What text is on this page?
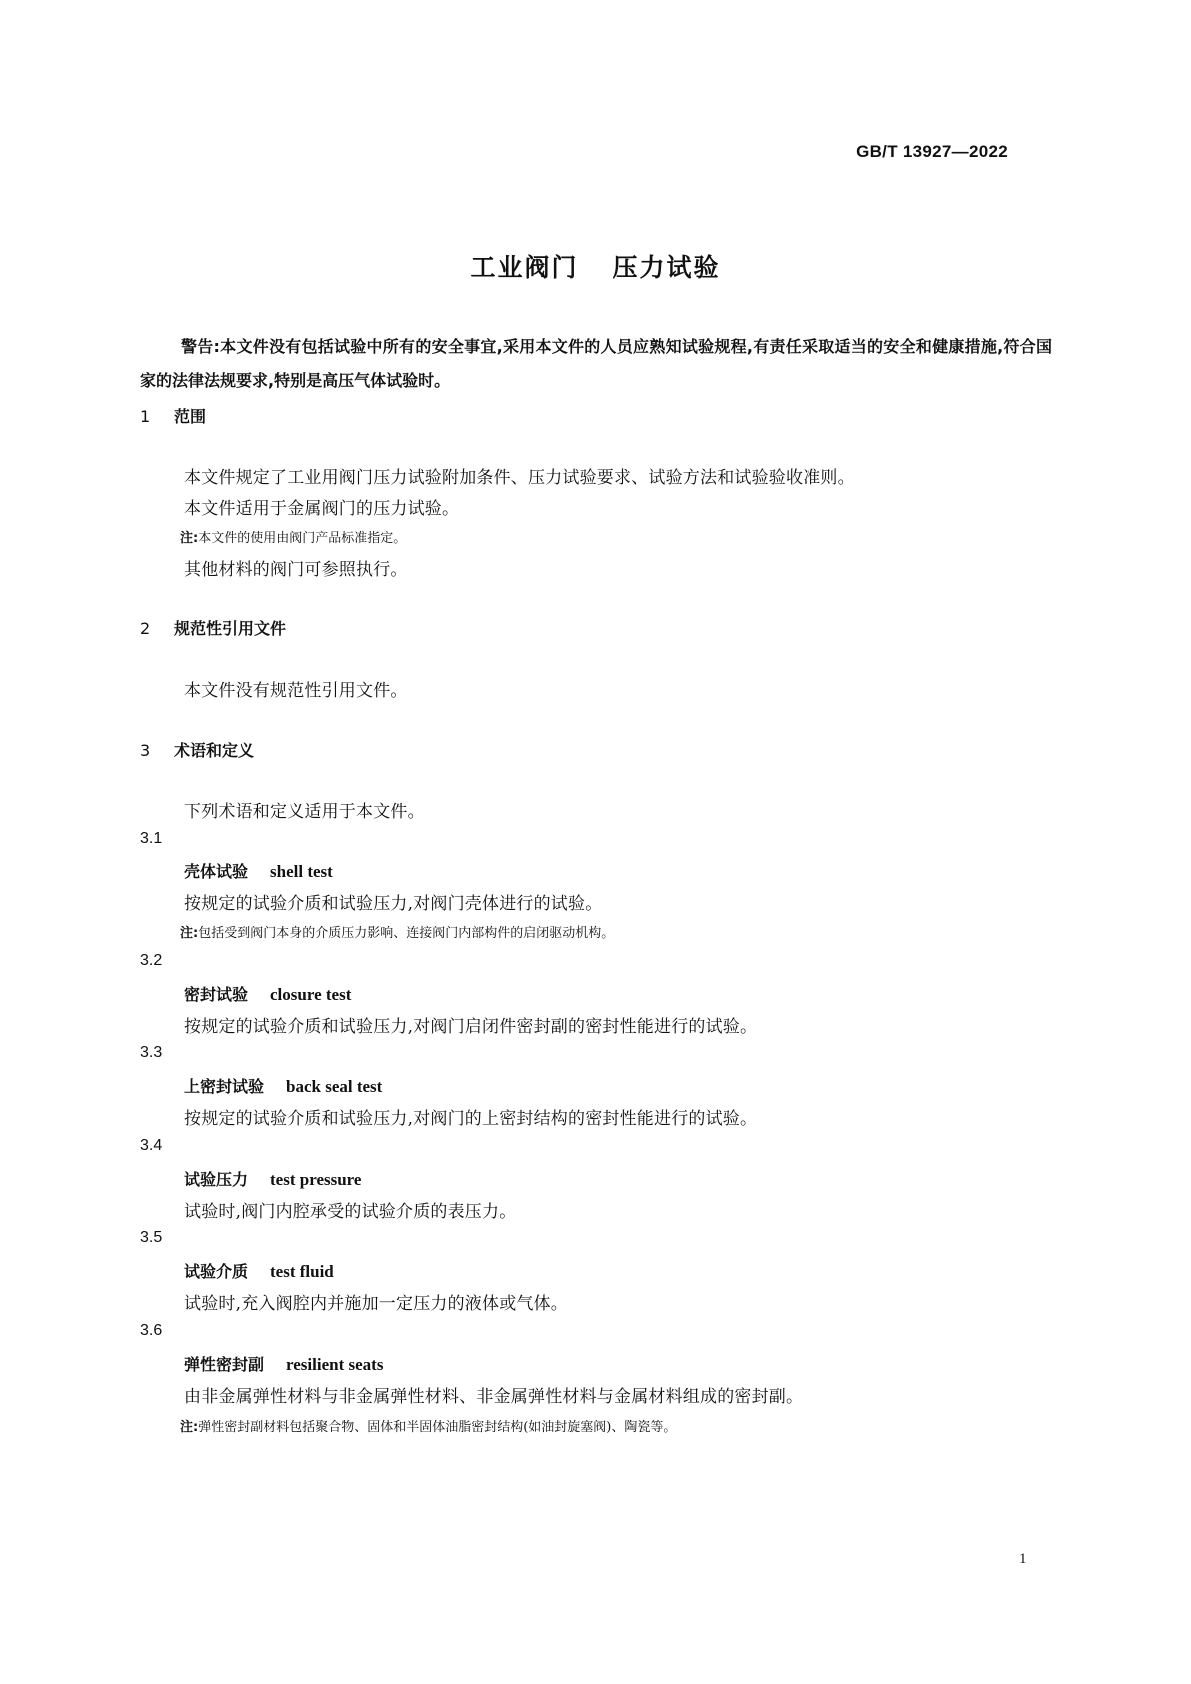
GB/T 13927—2022
工业阀门 压力试验
警告:本文件没有包括试验中所有的安全事宜,采用本文件的人员应熟知试验规程,有责任采取适当的安全和健康措施,符合国家的法律法规要求,特别是高压气体试验时。
1 范围
本文件规定了工业用阀门压力试验附加条件、压力试验要求、试验方法和试验验收准则。
本文件适用于金属阀门的压力试验。
注:本文件的使用由阀门产品标准指定。
其他材料的阀门可参照执行。
2 规范性引用文件
本文件没有规范性引用文件。
3 术语和定义
下列术语和定义适用于本文件。
3.1
壳体试验 shell test
按规定的试验介质和试验压力,对阀门壳体进行的试验。
注:包括受到阀门本身的介质压力影响、连接阀门内部构件的启闭驱动机构。
3.2
密封试验 closure test
按规定的试验介质和试验压力,对阀门启闭件密封副的密封性能进行的试验。
3.3
上密封试验 back seal test
按规定的试验介质和试验压力,对阀门的上密封结构的密封性能进行的试验。
3.4
试验压力 test pressure
试验时,阀门内腔承受的试验介质的表压力。
3.5
试验介质 test fluid
试验时,充入阀腔内并施加一定压力的液体或气体。
3.6
弹性密封副 resilient seats
由非金属弹性材料与非金属弹性材料、非金属弹性材料与金属材料组成的密封副。
注:弹性密封副材料包括聚合物、固体和半固体油脂密封结构(如油封旋塞阀)、陶瓷等。
1
